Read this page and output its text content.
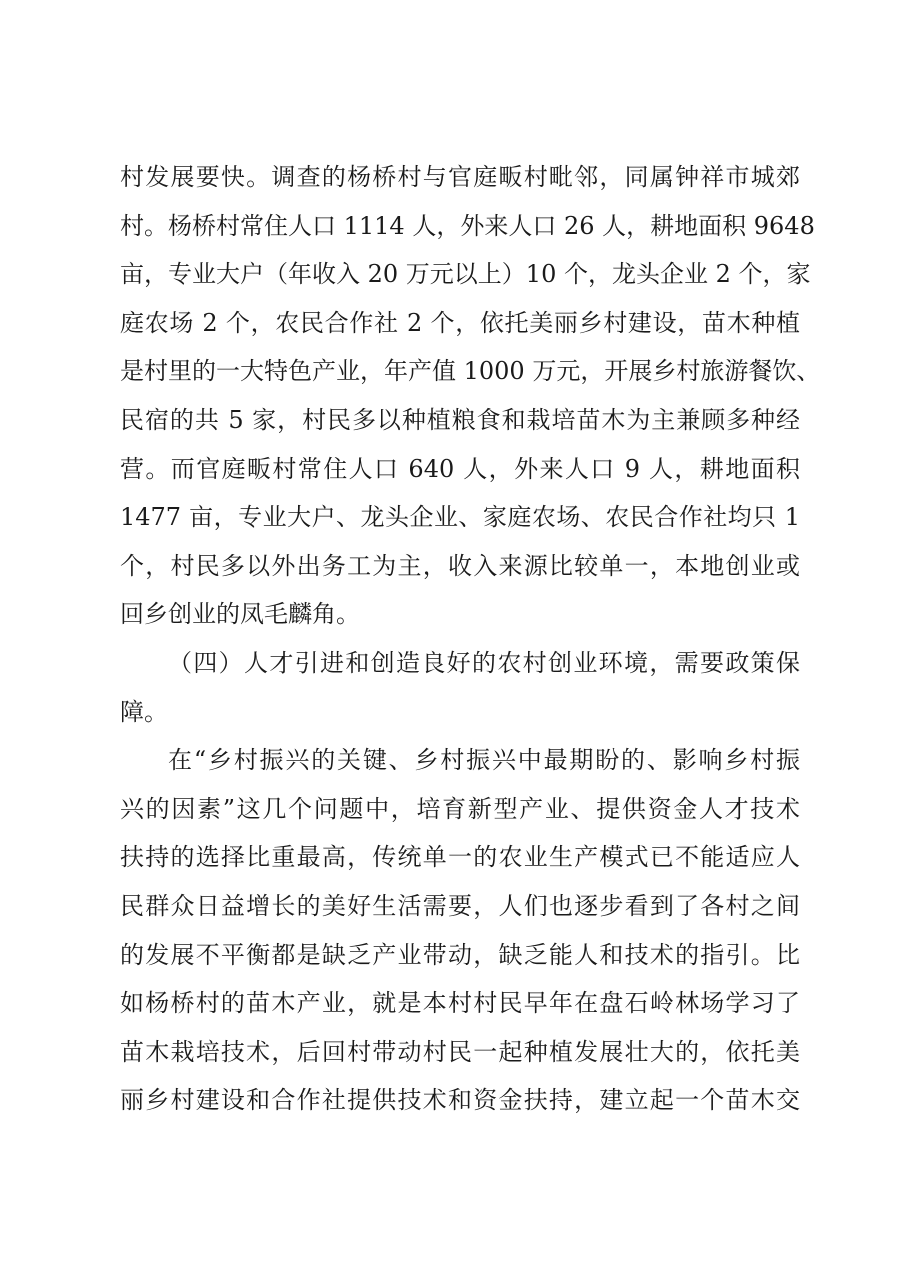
村发展要快。调查的杨桥村与官庭畈村毗邻，同属钟祥市城郊
村。杨桥村常住人口 1114 人，外来人口 26 人，耕地面积 9648
亩，专业大户（年收入 20 万元以上）10 个，龙头企业 2 个，家
庭农场 2 个，农民合作社 2 个，依托美丽乡村建设，苗木种植
是村里的一大特色产业，年产值 1000 万元，开展乡村旅游餐饮、
民宿的共 5 家，村民多以种植粮食和栽培苗木为主兼顾多种经
营。而官庭畈村常住人口 640 人，外来人口 9 人，耕地面积
1477 亩，专业大户、龙头企业、家庭农场、农民合作社均只 1
个，村民多以外出务工为主，收入来源比较单一，本地创业或
回乡创业的凤毛麟角。
（四）人才引进和创造良好的农村创业环境，需要政策保
障。
在“乡村振兴的关键、乡村振兴中最期盼的、影响乡村振
兴的因素”这几个问题中，培育新型产业、提供资金人才技术
扶持的选择比重最高，传统单一的农业生产模式已不能适应人
民群众日益增长的美好生活需要，人们也逐步看到了各村之间
的发展不平衡都是缺乏产业带动，缺乏能人和技术的指引。比
如杨桥村的苗木产业，就是本村村民早年在盘石岭林场学习了
苗木栽培技术，后回村带动村民一起种植发展壮大的，依托美
丽乡村建设和合作社提供技术和资金扶持，建立起一个苗木交
